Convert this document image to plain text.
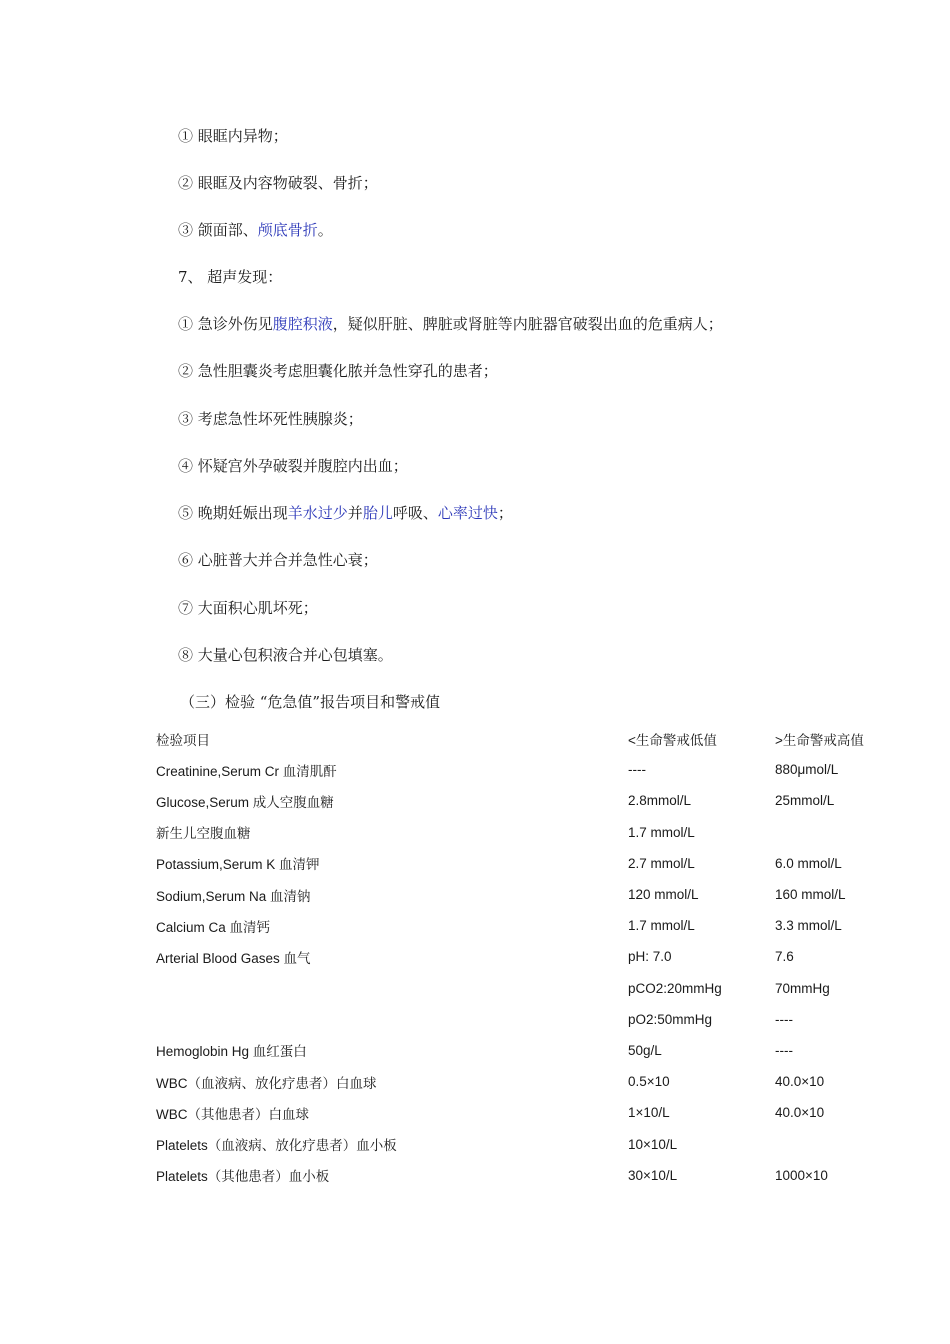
① 眼眶内异物；
② 眼眶及内容物破裂、骨折；
③ 颌面部、颅底骨折。
7、 超声发现：
① 急诊外伤见腹腔积液，疑似肝脏、脾脏或肾脏等内脏器官破裂出血的危重病人；
② 急性胆囊炎考虑胆囊化脓并急性穿孔的患者；
③ 考虑急性坏死性胰腺炎；
④ 怀疑宫外孕破裂并腹腔内出血；
⑤ 晚期妊娠出现羊水过少并胎儿呼吸、心率过快；
⑥ 心脏普大并合并急性心衰；
⑦ 大面积心肌坏死；
⑧ 大量心包积液合并心包填塞。
（三）检验 “危急值”报告项目和警戒值
检验项目	<生命警戒低值	>生命警戒高值
Creatinine,Serum Cr 血清肌酐	----	880μmol/L
Glucose,Serum 成人空腹血糖	2.8mmol/L	25mmol/L
新生儿空腹血糖	1.7 mmol/L	
Potassium,Serum K 血清钾	2.7 mmol/L	6.0 mmol/L
Sodium,Serum Na 血清钠	120 mmol/L	160 mmol/L
Calcium Ca 血清钙	1.7 mmol/L	3.3 mmol/L
Arterial Blood Gases 血气	pH: 7.0	7.6
	pCO2:20mmHg	70mmHg
	pO2:50mmHg	----
Hemoglobin Hg 血红蛋白	50g/L	----
WBC（血液病、放化疗患者）白血球	0.5×10	40.0×10
WBC（其他患者）白血球	1×10/L	40.0×10
Platelets（血液病、放化疗患者）血小板	10×10/L	
Platelets（其他患者）血小板	30×10/L	1000×10
